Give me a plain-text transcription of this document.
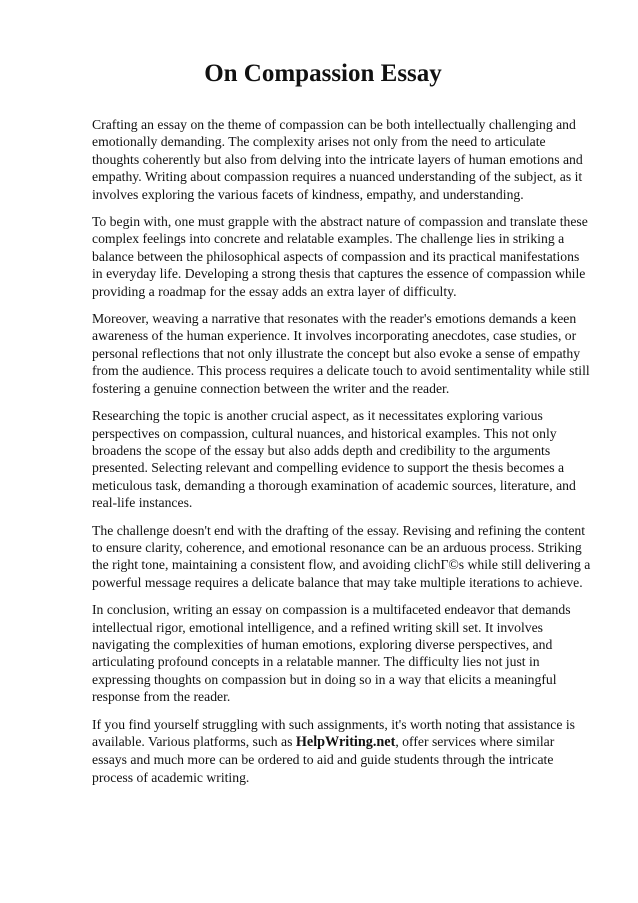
On Compassion Essay

Crafting an essay on the theme of compassion can be both intellectually challenging and emotionally demanding. The complexity arises not only from the need to articulate thoughts coherently but also from delving into the intricate layers of human emotions and empathy. Writing about compassion requires a nuanced understanding of the subject, as it involves exploring the various facets of kindness, empathy, and understanding.

To begin with, one must grapple with the abstract nature of compassion and translate these complex feelings into concrete and relatable examples. The challenge lies in striking a balance between the philosophical aspects of compassion and its practical manifestations in everyday life. Developing a strong thesis that captures the essence of compassion while providing a roadmap for the essay adds an extra layer of difficulty.

Moreover, weaving a narrative that resonates with the reader's emotions demands a keen awareness of the human experience. It involves incorporating anecdotes, case studies, or personal reflections that not only illustrate the concept but also evoke a sense of empathy from the audience. This process requires a delicate touch to avoid sentimentality while still fostering a genuine connection between the writer and the reader.

Researching the topic is another crucial aspect, as it necessitates exploring various perspectives on compassion, cultural nuances, and historical examples. This not only broadens the scope of the essay but also adds depth and credibility to the arguments presented. Selecting relevant and compelling evidence to support the thesis becomes a meticulous task, demanding a thorough examination of academic sources, literature, and real-life instances.

The challenge doesn't end with the drafting of the essay. Revising and refining the content to ensure clarity, coherence, and emotional resonance can be an arduous process. Striking the right tone, maintaining a consistent flow, and avoiding clichГ©s while still delivering a powerful message requires a delicate balance that may take multiple iterations to achieve.

In conclusion, writing an essay on compassion is a multifaceted endeavor that demands intellectual rigor, emotional intelligence, and a refined writing skill set. It involves navigating the complexities of human emotions, exploring diverse perspectives, and articulating profound concepts in a relatable manner. The difficulty lies not just in expressing thoughts on compassion but in doing so in a way that elicits a meaningful response from the reader.

If you find yourself struggling with such assignments, it's worth noting that assistance is available. Various platforms, such as HelpWriting.net, offer services where similar essays and much more can be ordered to aid and guide students through the intricate process of academic writing.
